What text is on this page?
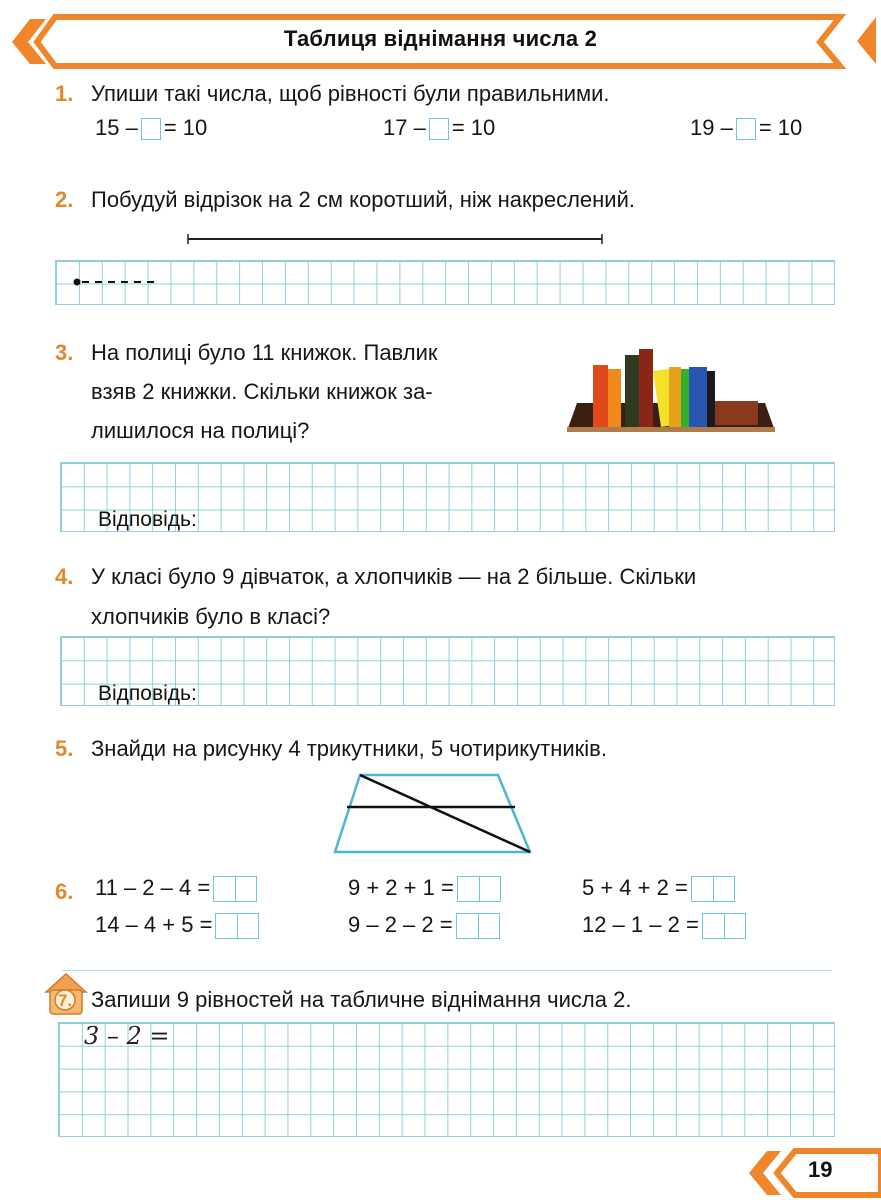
Таблиця віднімання числа 2
1. Упиши такі числа, щоб рівності були правильними.
15 – = 10	17 – = 10	19 – = 10
2. Побудуй відрізок на 2 см коротший, ніж накреслений.
3. На полиці було 11 книжок. Павлик
взяв 2 книжки. Скільки книжок за-
лишилося на полиці?
Відповідь:
4. У класі було 9 дівчаток, а хлопчиків — на 2 більше. Скільки
хлопчиків було в класі?
Відповідь:
5. Знайди на рисунку 4 трикутники, 5 чотирикутників.
6. 11 – 2 – 4 =	9 + 2 + 1 =	5 + 4 + 2 =
14 – 4 + 5 =	9 – 2 – 2 =	12 – 1 – 2 =
7. Запиши 9 рівностей на табличне віднімання числа 2.
3 – 2 =
19
